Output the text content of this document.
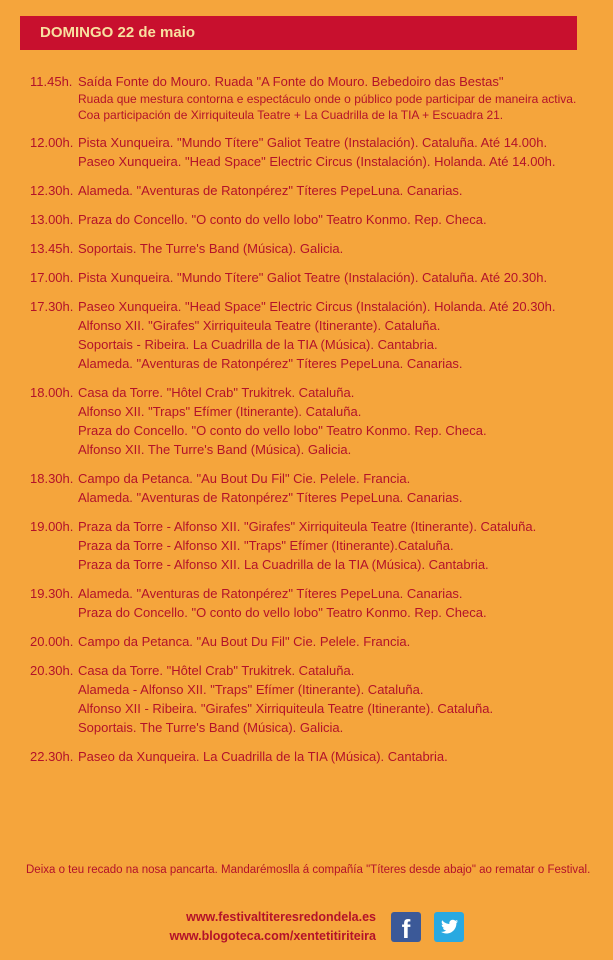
DOMINGO 22 de maio
11.45h. Saída Fonte do Mouro. Ruada "A Fonte do Mouro. Bebedoiro das Bestas"
Ruada que mestura contorna e espectáculo onde o público pode participar de maneira activa.
Coa participación de Xirriquiteula Teatre + La Cuadrilla de la TIA + Escuadra 21.
12.00h. Pista Xunqueira. "Mundo Títere" Galiot Teatre (Instalación). Cataluña. Até 14.00h.
Paseo Xunqueira. "Head Space" Electric Circus (Instalación). Holanda. Até 14.00h.
12.30h. Alameda. "Aventuras de Ratonpérez" Títeres PepeLuna. Canarias.
13.00h. Praza do Concello. "O conto do vello lobo" Teatro Konmo. Rep. Checa.
13.45h. Soportais. The Turre's Band (Música). Galicia.
17.00h. Pista Xunqueira. "Mundo Títere" Galiot Teatre (Instalación). Cataluña. Até 20.30h.
17.30h. Paseo Xunqueira. "Head Space" Electric Circus (Instalación). Holanda. Até 20.30h.
Alfonso XII. "Girafes" Xirriquiteula Teatre (Itinerante). Cataluña.
Soportais - Ribeira. La Cuadrilla de la TIA (Música). Cantabria.
Alameda. "Aventuras de Ratonpérez" Títeres PepeLuna. Canarias.
18.00h. Casa da Torre. "Hôtel Crab" Trukitrek. Cataluña.
Alfonso XII. "Traps" Efímer (Itinerante). Cataluña.
Praza do Concello. "O conto do vello lobo" Teatro Konmo. Rep. Checa.
Alfonso XII. The Turre's Band (Música). Galicia.
18.30h. Campo da Petanca. "Au Bout Du Fil" Cie. Pelele. Francia.
Alameda. "Aventuras de Ratonpérez" Títeres PepeLuna. Canarias.
19.00h. Praza da Torre - Alfonso XII. "Girafes" Xirriquiteula Teatre (Itinerante). Cataluña.
Praza da Torre - Alfonso XII. "Traps" Efímer (Itinerante).Cataluña.
Praza da Torre - Alfonso XII. La Cuadrilla de la TIA (Música). Cantabria.
19.30h. Alameda. "Aventuras de Ratonpérez" Títeres PepeLuna. Canarias.
Praza do Concello. "O conto do vello lobo" Teatro Konmo. Rep. Checa.
20.00h. Campo da Petanca. "Au Bout Du Fil" Cie. Pelele. Francia.
20.30h. Casa da Torre. "Hôtel Crab" Trukitrek. Cataluña.
Alameda - Alfonso XII. "Traps" Efímer (Itinerante). Cataluña.
Alfonso XII - Ribeira. "Girafes" Xirriquiteula Teatre (Itinerante). Cataluña.
Soportais. The Turre's Band (Música). Galicia.
22.30h. Paseo da Xunqueira. La Cuadrilla de la TIA (Música). Cantabria.
Deixa o teu recado na nosa pancarta. Mandarémoslla á compañía "Títeres desde abajo" ao rematar o Festival.
www.festivaltiteresredondela.es
www.blogoteca.com/xentetitiriteira f
